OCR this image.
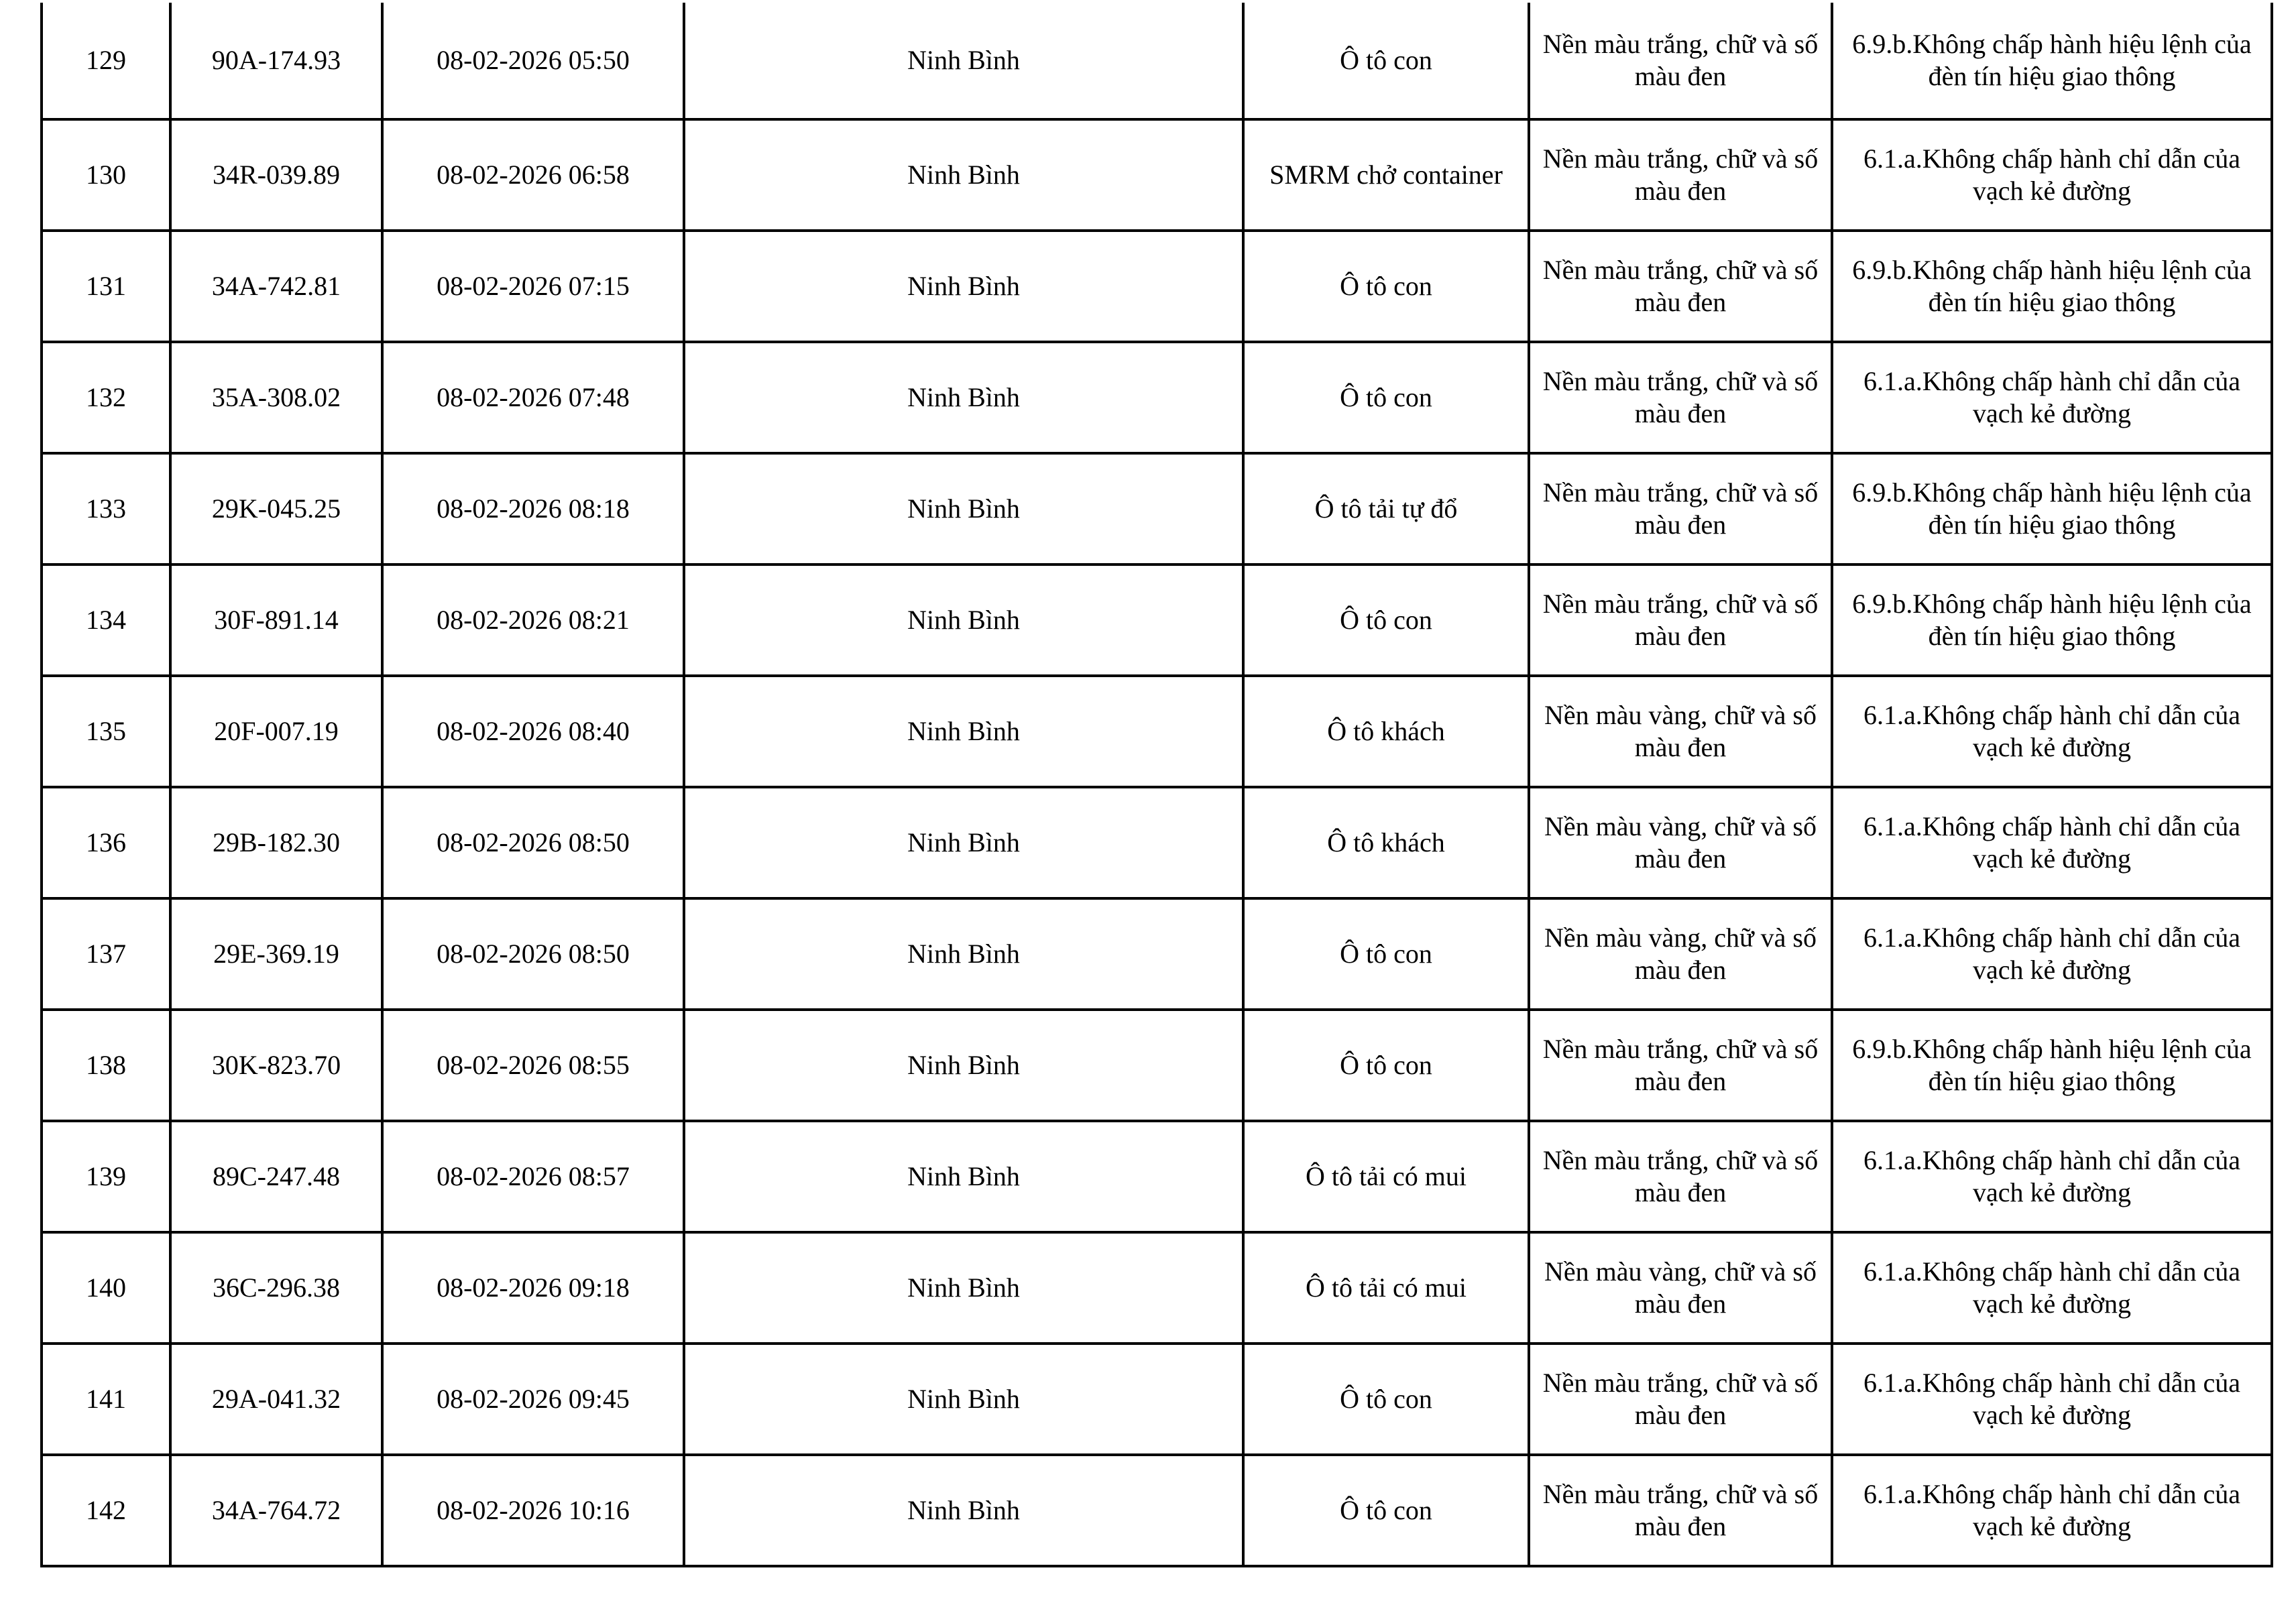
129	90A-174.93	08-02-2026 05:50	Ninh Bình	Ô tô con	Nền màu trắng, chữ và số màu đen	6.9.b.Không chấp hành hiệu lệnh của đèn tín hiệu giao thông
130	34R-039.89	08-02-2026 06:58	Ninh Bình	SMRM chở container	Nền màu trắng, chữ và số màu đen	6.1.a.Không chấp hành chỉ dẫn của vạch kẻ đường
131	34A-742.81	08-02-2026 07:15	Ninh Bình	Ô tô con	Nền màu trắng, chữ và số màu đen	6.9.b.Không chấp hành hiệu lệnh của đèn tín hiệu giao thông
132	35A-308.02	08-02-2026 07:48	Ninh Bình	Ô tô con	Nền màu trắng, chữ và số màu đen	6.1.a.Không chấp hành chỉ dẫn của vạch kẻ đường
133	29K-045.25	08-02-2026 08:18	Ninh Bình	Ô tô tải tự đổ	Nền màu trắng, chữ và số màu đen	6.9.b.Không chấp hành hiệu lệnh của đèn tín hiệu giao thông
134	30F-891.14	08-02-2026 08:21	Ninh Bình	Ô tô con	Nền màu trắng, chữ và số màu đen	6.9.b.Không chấp hành hiệu lệnh của đèn tín hiệu giao thông
135	20F-007.19	08-02-2026 08:40	Ninh Bình	Ô tô khách	Nền màu vàng, chữ và số màu đen	6.1.a.Không chấp hành chỉ dẫn của vạch kẻ đường
136	29B-182.30	08-02-2026 08:50	Ninh Bình	Ô tô khách	Nền màu vàng, chữ và số màu đen	6.1.a.Không chấp hành chỉ dẫn của vạch kẻ đường
137	29E-369.19	08-02-2026 08:50	Ninh Bình	Ô tô con	Nền màu vàng, chữ và số màu đen	6.1.a.Không chấp hành chỉ dẫn của vạch kẻ đường
138	30K-823.70	08-02-2026 08:55	Ninh Bình	Ô tô con	Nền màu trắng, chữ và số màu đen	6.9.b.Không chấp hành hiệu lệnh của đèn tín hiệu giao thông
139	89C-247.48	08-02-2026 08:57	Ninh Bình	Ô tô tải có mui	Nền màu trắng, chữ và số màu đen	6.1.a.Không chấp hành chỉ dẫn của vạch kẻ đường
140	36C-296.38	08-02-2026 09:18	Ninh Bình	Ô tô tải có mui	Nền màu vàng, chữ và số màu đen	6.1.a.Không chấp hành chỉ dẫn của vạch kẻ đường
141	29A-041.32	08-02-2026 09:45	Ninh Bình	Ô tô con	Nền màu trắng, chữ và số màu đen	6.1.a.Không chấp hành chỉ dẫn của vạch kẻ đường
142	34A-764.72	08-02-2026 10:16	Ninh Bình	Ô tô con	Nền màu trắng, chữ và số màu đen	6.1.a.Không chấp hành chỉ dẫn của vạch kẻ đường
